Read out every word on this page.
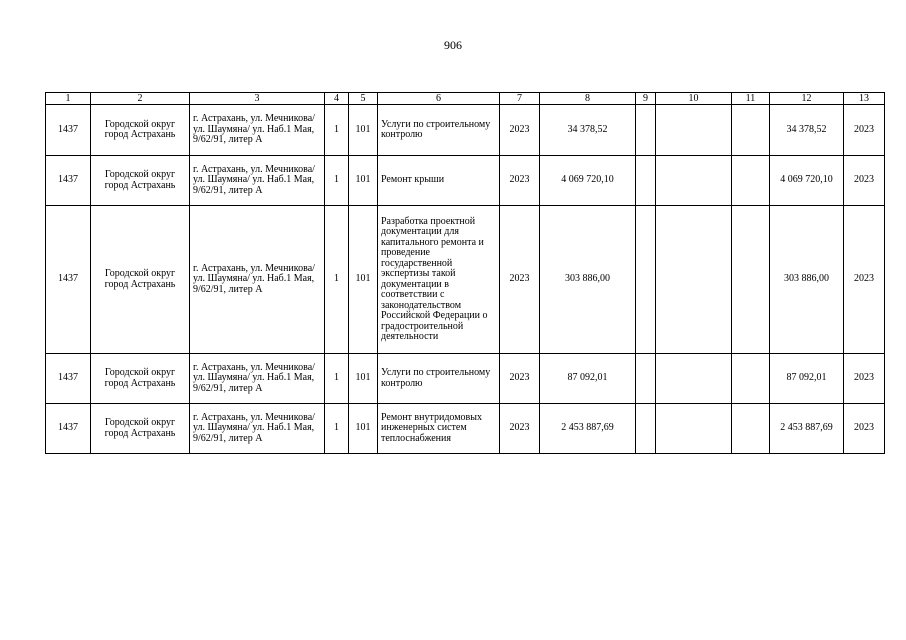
906
1	2	3	4	5	6	7	8	9	10	11	12	13
1437	Городской округ город Астрахань	г. Астрахань, ул. Мечникова/ ул. Шаумяна/ ул. Наб.1 Мая, 9/62/91, литер А	1	101	Услуги по строительному контролю	2023	34 378,52				34 378,52	2023
1437	Городской округ город Астрахань	г. Астрахань, ул. Мечникова/ ул. Шаумяна/ ул. Наб.1 Мая, 9/62/91, литер А	1	101	Ремонт крыши	2023	4 069 720,10				4 069 720,10	2023
1437	Городской округ город Астрахань	г. Астрахань, ул. Мечникова/ ул. Шаумяна/ ул. Наб.1 Мая, 9/62/91, литер А	1	101	Разработка проектной документации для капитального ремонта и проведение государственной экспертизы такой документации в соответствии с законодательством Российской Федерации о градостроительной деятельности	2023	303 886,00				303 886,00	2023
1437	Городской округ город Астрахань	г. Астрахань, ул. Мечникова/ ул. Шаумяна/ ул. Наб.1 Мая, 9/62/91, литер А	1	101	Услуги по строительному контролю	2023	87 092,01				87 092,01	2023
1437	Городской округ город Астрахань	г. Астрахань, ул. Мечникова/ ул. Шаумяна/ ул. Наб.1 Мая, 9/62/91, литер А	1	101	Ремонт внутридомовых инженерных систем теплоснабжения	2023	2 453 887,69				2 453 887,69	2023
